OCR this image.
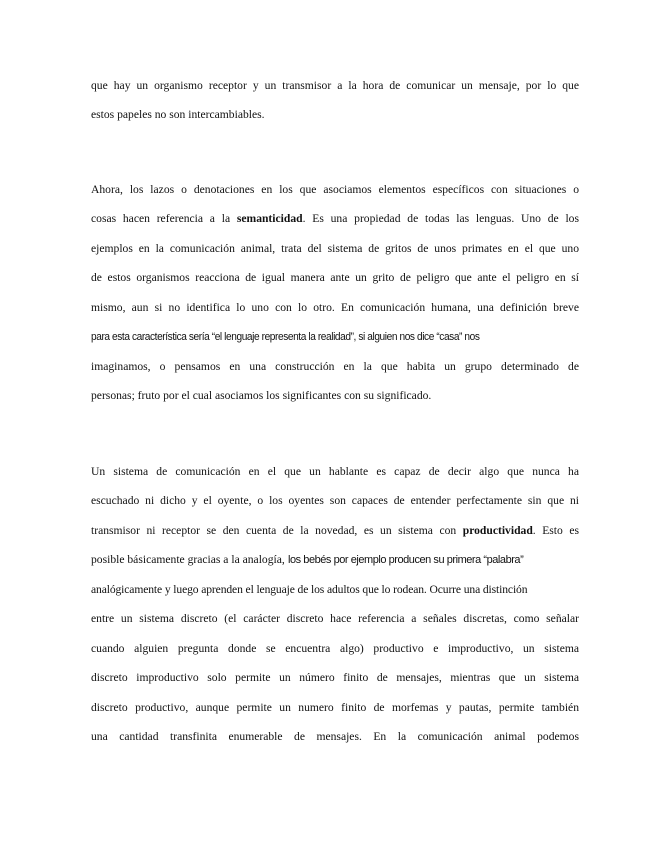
que hay un organismo receptor y un transmisor a la hora de comunicar un mensaje, por lo que
estos papeles no son intercambiables.
Ahora, los lazos o denotaciones en los que asociamos elementos específicos con situaciones o
cosas hacen referencia a la semanticidad. Es una propiedad de todas las lenguas. Uno de los
ejemplos en la comunicación animal, trata del sistema de gritos de unos primates en el que uno
de estos organismos reacciona de igual manera ante un grito de peligro que ante el peligro en sí
mismo, aun si no identifica lo uno con lo otro. En comunicación humana, una definición breve
para esta característica sería “el lenguaje representa la realidad”, si alguien nos dice “casa” nos
imaginamos, o pensamos en una construcción en la que habita un grupo determinado de
personas; fruto por el cual asociamos los significantes con su significado.
Un sistema de comunicación en el que un hablante es capaz de decir algo que nunca ha
escuchado ni dicho y el oyente, o los oyentes son capaces de entender perfectamente sin que ni
transmisor ni receptor se den cuenta de la novedad, es un sistema con productividad. Esto es
posible básicamente gracias a la analogía, los bebés por ejemplo producen su primera “palabra”
analógicamente y luego aprenden el lenguaje de los adultos que lo rodean. Ocurre una distinción
entre un sistema discreto (el carácter discreto hace referencia a señales discretas, como señalar
cuando alguien pregunta donde se encuentra algo) productivo e improductivo, un sistema
discreto improductivo solo permite un número finito de mensajes, mientras que un sistema
discreto productivo, aunque permite un numero finito de morfemas y pautas, permite también
una cantidad transfinita enumerable de mensajes. En la comunicación animal podemos
